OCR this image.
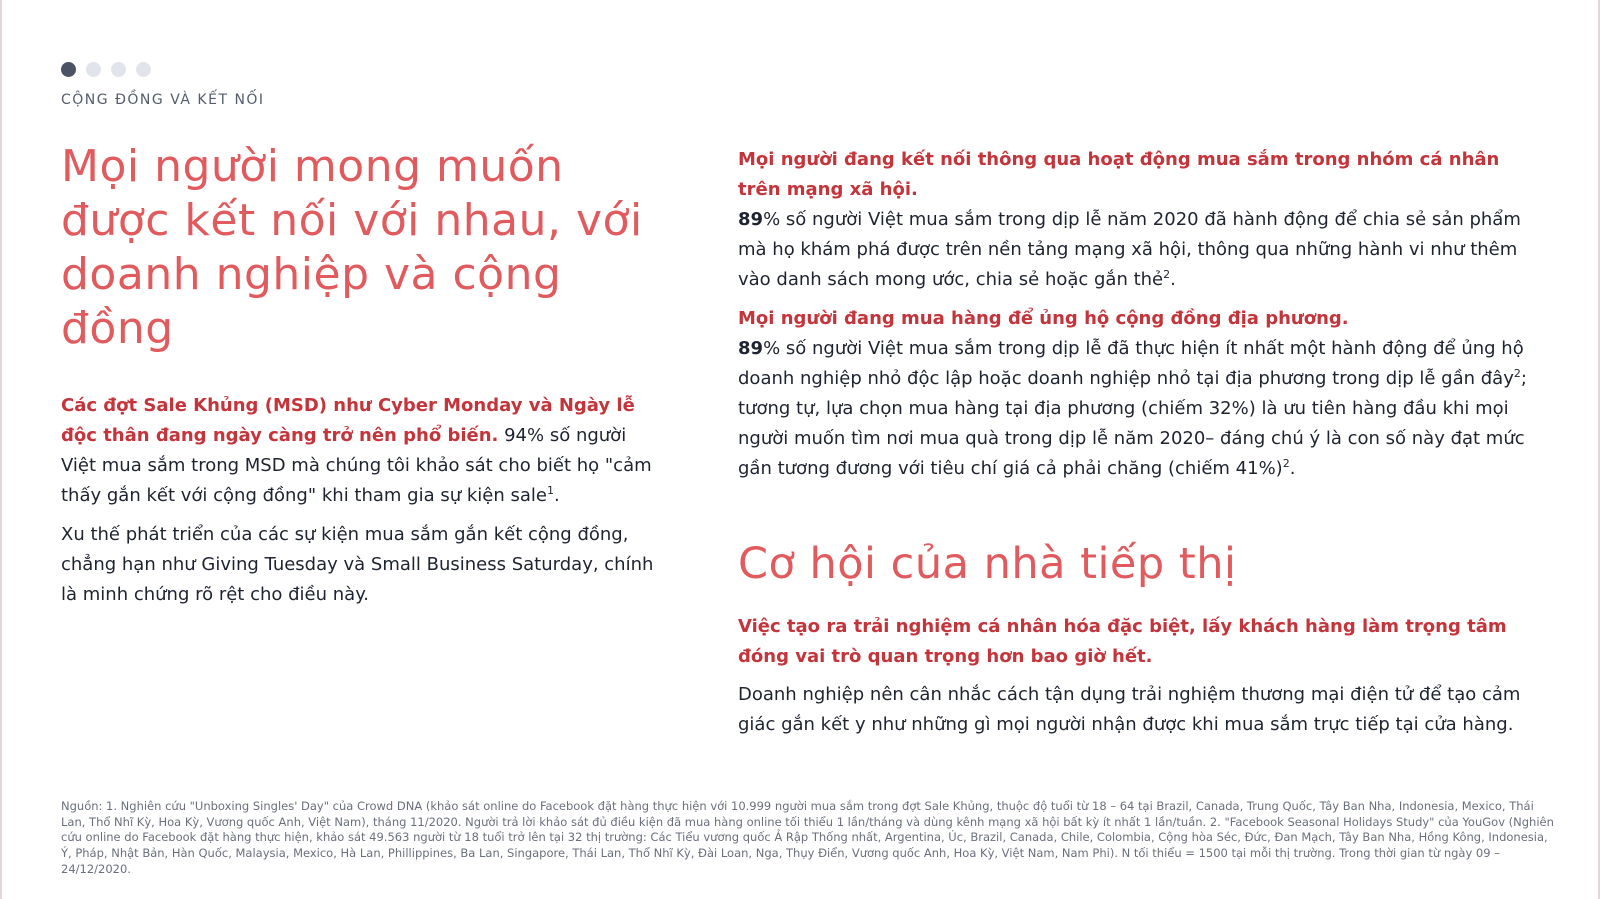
CỘNG ĐỒNG VÀ KẾT NỐI
Mọi người mong muốn được kết nối với nhau, với doanh nghiệp và cộng đồng

Các đợt Sale Khủng (MSD) như Cyber Monday và Ngày lễ độc thân đang ngày càng trở nên phổ biến. 94% số người Việt mua sắm trong MSD mà chúng tôi khảo sát cho biết họ "cảm thấy gắn kết với cộng đồng" khi tham gia sự kiện sale$^1$.

Xu thế phát triển của các sự kiện mua sắm gắn kết cộng đồng, chẳng hạn như Giving Tuesday và Small Business Saturday, chính là minh chứng rõ rệt cho điều này.

Mọi người đang kết nối thông qua hoạt động mua sắm trong nhóm cá nhân trên mạng xã hội.

89% số người Việt mua sắm trong dịp lễ năm 2020 đã hành động để chia sẻ sản phẩm mà họ khám phá được trên nền tảng mạng xã hội, thông qua những hành vi như thêm vào danh sách mong ước, chia sẻ hoặc gắn thẻ$^2$.

Mọi người đang mua hàng để ủng hộ cộng đồng địa phương.

89% số người Việt mua sắm trong dịp lễ đã thực hiện ít nhất một hành động để ủng hộ doanh nghiệp nhỏ độc lập hoặc doanh nghiệp nhỏ tại địa phương trong dịp lễ gần đây$^2$; tương tự, lựa chọn mua hàng tại địa phương (chiếm 32%) là ưu tiên hàng đầu khi mọi người muốn tìm nơi mua quà trong dịp lễ năm 2020– đáng chú ý là con số này đạt mức gần tương đương với tiêu chí giá cả phải chăng (chiếm 41%)$^2$.

Cơ hội của nhà tiếp thị

Việc tạo ra trải nghiệm cá nhân hóa đặc biệt, lấy khách hàng làm trọng tâm đóng vai trò quan trọng hơn bao giờ hết.

Doanh nghiệp nên cân nhắc cách tận dụng trải nghiệm thương mại điện tử để tạo cảm giác gắn kết y như những gì mọi người nhận được khi mua sắm trực tiếp tại cửa hàng.

Nguồn: 1. Nghiên cứu "Unboxing Singles' Day" của Crowd DNA (khảo sát online do Facebook đặt hàng thực hiện với 10.999 người mua sắm trong đợt Sale Khủng, thuộc độ tuổi từ 18 – 64 tại Brazil, Canada, Trung Quốc, Tây Ban Nha, Indonesia, Mexico, Thái Lan, Thổ Nhĩ Kỳ, Hoa Kỳ, Vương quốc Anh, Việt Nam), tháng 11/2020. Người trả lời khảo sát đủ điều kiện đã mua hàng online tối thiểu 1 lần/tháng và dùng kênh mạng xã hội bất kỳ ít nhất 1 lần/tuần. 2. "Facebook Seasonal Holidays Study" của YouGov (Nghiên cứu online do Facebook đặt hàng thực hiện, khảo sát 49.563 người từ 18 tuổi trở lên tại 32 thị trường: Các Tiểu vương quốc Ả Rập Thống nhất, Argentina, Úc, Brazil, Canada, Chile, Colombia, Cộng hòa Séc, Đức, Đan Mạch, Tây Ban Nha, Hồng Kông, Indonesia, Ý, Pháp, Nhật Bản, Hàn Quốc, Malaysia, Mexico, Hà Lan, Phillippines, Ba Lan, Singapore, Thái Lan, Thổ Nhĩ Kỳ, Đài Loan, Nga, Thụy Điển, Vương quốc Anh, Hoa Kỳ, Việt Nam, Nam Phi). N tối thiểu = 1500 tại mỗi thị trường. Trong thời gian từ ngày 09 – 24/12/2020.
